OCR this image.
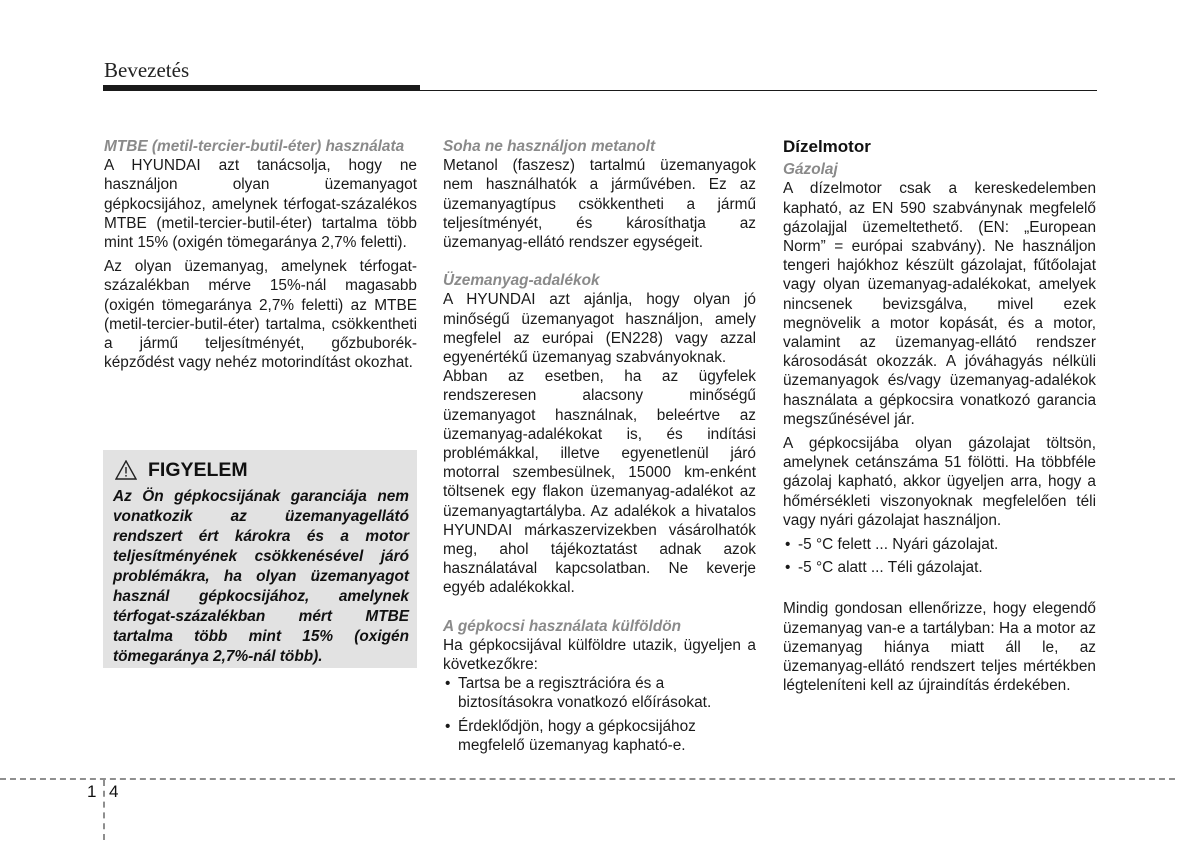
Bevezetés

MTBE (metil-tercier-butil-éter) használata

A HYUNDAI azt tanácsolja, hogy ne használjon olyan üzemanyagot gépkocsijához, amelynek térfogat-százalékos MTBE (metil-tercier-butil-éter) tartalma több mint 15% (oxigén tömegaránya 2,7% feletti).

Az olyan üzemanyag, amelynek térfogat-százalékban mérve 15%-nál magasabb (oxigén tömegaránya 2,7% feletti) az MTBE (metil-tercier-butil-éter) tartalma, csökkentheti a jármű teljesítményét, gőzbuborék-képződést vagy nehéz motorindítást okozhat.

FIGYELEM
Az Ön gépkocsijának garanciája nem vonatkozik az üzemanyagellátó rendszert ért károkra és a motor teljesítményének csökkenésével járó problémákra, ha olyan üzemanyagot használ gépkocsijához, amelynek térfogat-százalékban mért MTBE tartalma több mint 15% (oxigén tömegaránya 2,7%-nál több).

Soha ne használjon metanolt

Metanol (faszesz) tartalmú üzemanyagok nem használhatók a járművében. Ez az üzemanyagtípus csökkentheti a jármű teljesítményét, és károsíthatja az üzemanyag-ellátó rendszer egységeit.

Üzemanyag-adalékok

A HYUNDAI azt ajánlja, hogy olyan jó minőségű üzemanyagot használjon, amely megfelel az európai (EN228) vagy azzal egyenértékű üzemanyag szabványoknak.

Abban az esetben, ha az ügyfelek rendszeresen alacsony minőségű üzemanyagot használnak, beleértve az üzemanyag-adalékokat is, és indítási problémákkal, illetve egyenetlenül járó motorral szembesülnek, 15000 km-enként töltsenek egy flakon üzemanyag-adalékot az üzemanyagtartályba. Az adalékok a hivatalos HYUNDAI márkaszervizekben vásárolhatók meg, ahol tájékoztatást adnak azok használatával kapcsolatban. Ne keverje egyéb adalékokkal.

A gépkocsi használata külföldön

Ha gépkocsijával külföldre utazik, ügyeljen a következőkre:

• Tartsa be a regisztrációra és a biztosításokra vonatkozó előírásokat.
• Érdeklődjön, hogy a gépkocsijához megfelelő üzemanyag kapható-e.

Dízelmotor

Gázolaj

A dízelmotor csak a kereskedelemben kapható, az EN 590 szabványnak megfelelő gázolajjal üzemeltethető. (EN: „European Norm” = európai szabvány). Ne használjon tengeri hajókhoz készült gázolajat, fűtőolajat vagy olyan üzemanyag-adalékokat, amelyek nincsenek bevizsgálva, mivel ezek megnövelik a motor kopását, és a motor, valamint az üzemanyag-ellátó rendszer károsodását okozzák. A jóváhagyás nélküli üzemanyagok és/vagy üzemanyag-adalékok használata a gépkocsira vonatkozó garancia megszűnésével jár.

A gépkocsijába olyan gázolajat töltsön, amelynek cetánszáma 51 fölötti. Ha többféle gázolaj kapható, akkor ügyeljen arra, hogy a hőmérsékleti viszonyoknak megfelelően téli vagy nyári gázolajat használjon.

• -5 °C felett ... Nyári gázolajat.
• -5 °C alatt ... Téli gázolajat.

Mindig gondosan ellenőrizze, hogy elegendő üzemanyag van-e a tartályban: Ha a motor az üzemanyag hiánya miatt áll le, az üzemanyag-ellátó rendszert teljes mértékben légteleníteni kell az újraindítás érdekében.

1 4
